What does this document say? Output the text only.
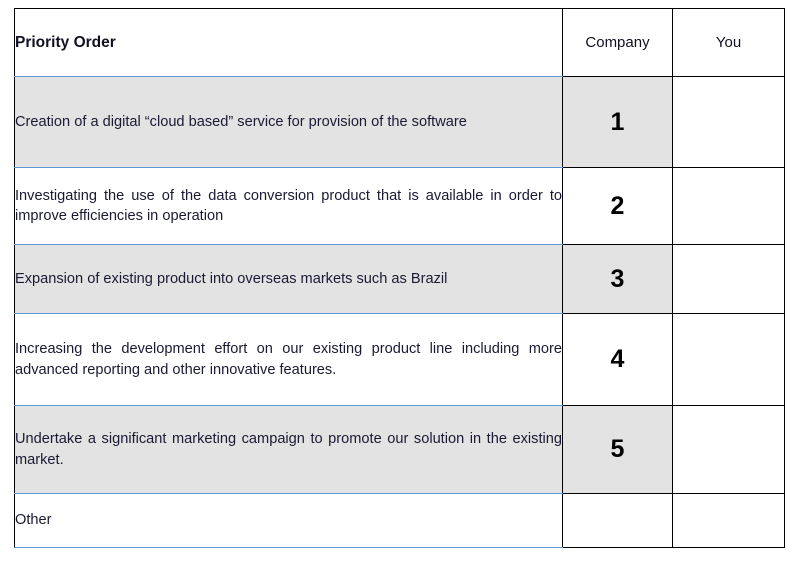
Priority Order	Company	You
Creation of a digital “cloud based” service for provision of the software	1	
Investigating the use of the data conversion product that is available in order to improve efficiencies in operation	2	
Expansion of existing product into overseas markets such as Brazil	3	
Increasing the development effort on our existing product line including more advanced reporting and other innovative features.	4	
Undertake a significant marketing campaign to promote our solution in the existing market.	5	
Other		
